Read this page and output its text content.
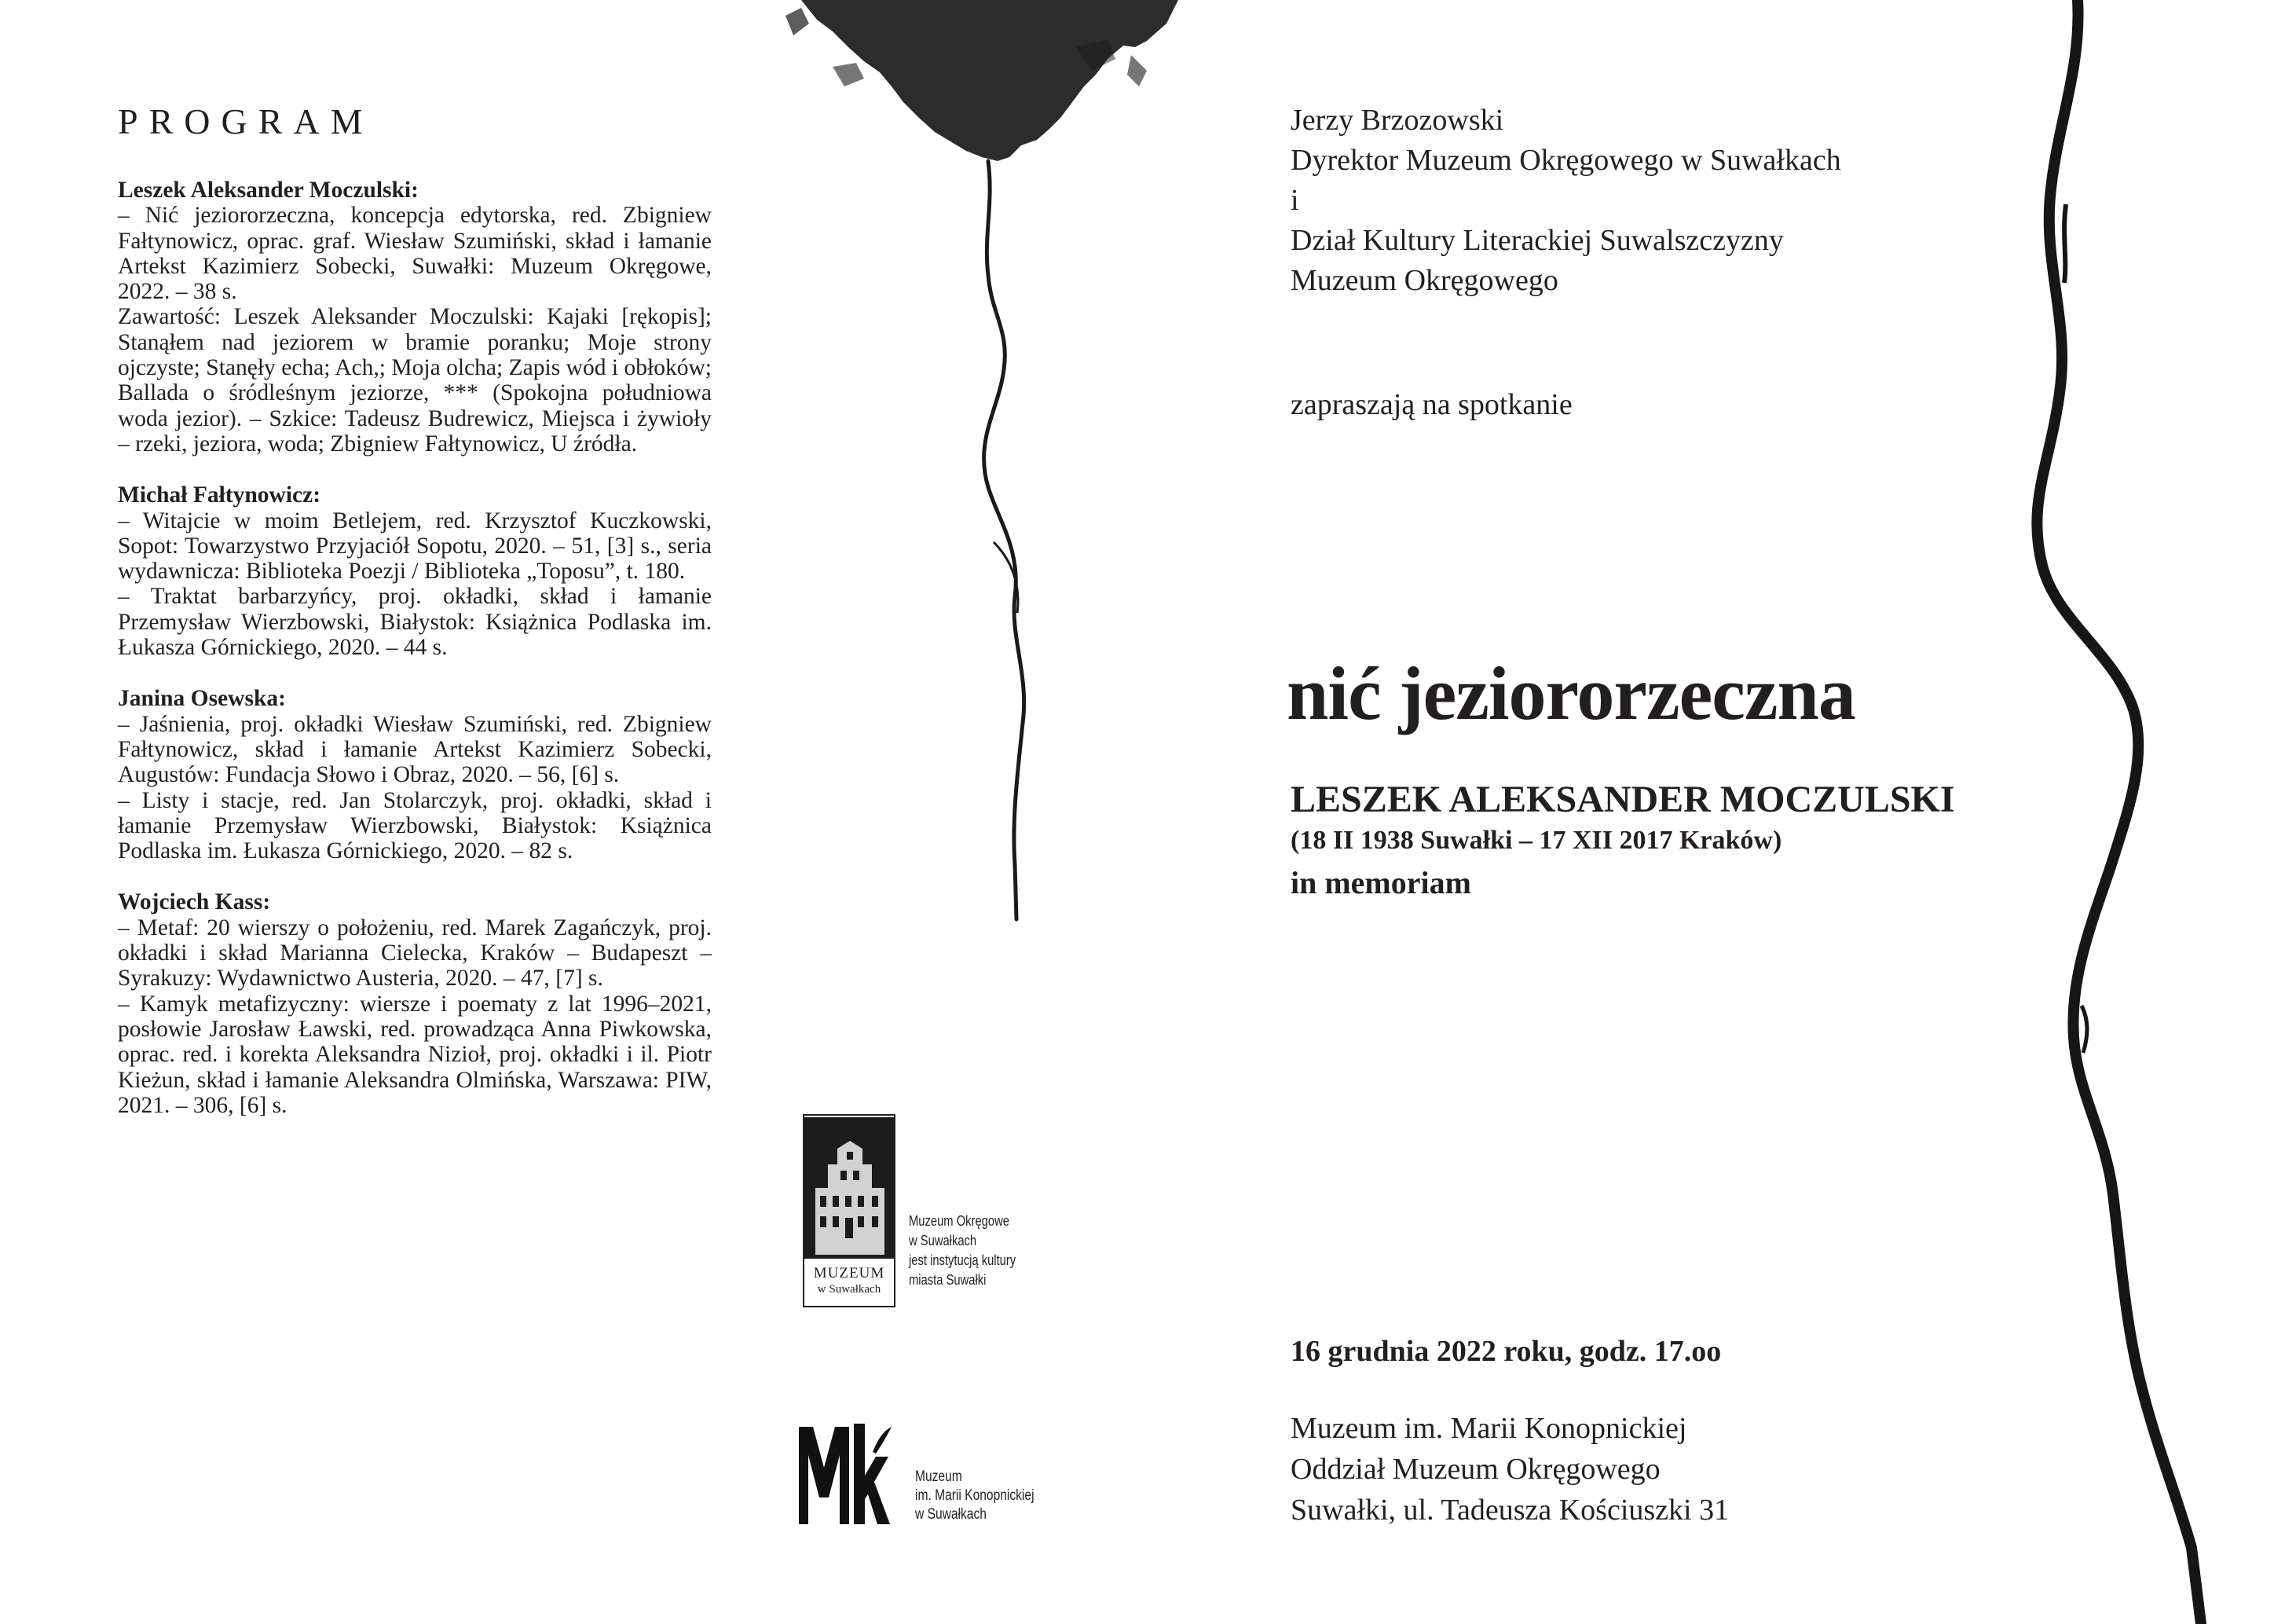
PROGRAM
Leszek Aleksander Moczulski:
– Nić jeziororzeczna, koncepcja edytorska, red. Zbigniew Fałtynowicz, oprac. graf. Wiesław Szumiński, skład i łamanie Artekst Kazimierz Sobecki, Suwałki: Muzeum Okręgowe, 2022. – 38 s.
Zawartość: Leszek Aleksander Moczulski: Kajaki [rękopis]; Stanąłem nad jeziorem w bramie poranku; Moje strony ojczyste; Stanęły echa; Ach,; Moja olcha; Zapis wód i obłoków; Ballada o śródleśnym jeziorze, *** (Spokojna południowa woda jezior). – Szkice: Tadeusz Budrewicz, Miejsca i żywioły – rzeki, jeziora, woda; Zbigniew Fałtynowicz, U źródła.
Michał Fałtynowicz:
– Witajcie w moim Betlejem, red. Krzysztof Kuczkowski, Sopot: Towarzystwo Przyjaciół Sopotu, 2020. – 51, [3] s., seria wydawnicza: Biblioteka Poezji / Biblioteka „Toposu”, t. 180.
– Traktat barbarzyńcy, proj. okładki, skład i łamanie Przemysław Wierzbowski, Białystok: Książnica Podlaska im. Łukasza Górnickiego, 2020. – 44 s.
Janina Osewska:
– Jaśnienia, proj. okładki Wiesław Szumiński, red. Zbigniew Fałtynowicz, skład i łamanie Artekst Kazimierz Sobecki, Augustów: Fundacja Słowo i Obraz, 2020. – 56, [6] s.
– Listy i stacje, red. Jan Stolarczyk, proj. okładki, skład i łamanie Przemysław Wierzbowski, Białystok: Książnica Podlaska im. Łukasza Górnickiego, 2020. – 82 s.
Wojciech Kass:
– Metaf: 20 wierszy o położeniu, red. Marek Zagańczyk, proj. okładki i skład Marianna Cielecka, Kraków – Budapeszt – Syrakuzy: Wydawnictwo Austeria, 2020. – 47, [7] s.
– Kamyk metafizyczny: wiersze i poematy z lat 1996–2021, posłowie Jarosław Ławski, red. prowadząca Anna Piwkowska, oprac. red. i korekta Aleksandra Nizioł, proj. okładki i il. Piotr Kieżun, skład i łamanie Aleksandra Olmińska, Warszawa: PIW, 2021. – 306, [6] s.
MUZEUM
w Suwałkach
Muzeum Okręgowe
w Suwałkach
jest instytucją kultury
miasta Suwałki
Muzeum
im. Marii Konopnickiej
w Suwałkach
Jerzy Brzozowski
Dyrektor Muzeum Okręgowego w Suwałkach
i
Dział Kultury Literackiej Suwalszczyzny
Muzeum Okręgowego
zapraszają na spotkanie
nić jeziororzeczna
LESZEK ALEKSANDER MOCZULSKI
(18 II 1938 Suwałki – 17 XII 2017 Kraków)
in memoriam
16 grudnia 2022 roku, godz. 17.oo
Muzeum im. Marii Konopnickiej
Oddział Muzeum Okręgowego
Suwałki, ul. Tadeusza Kościuszki 31
